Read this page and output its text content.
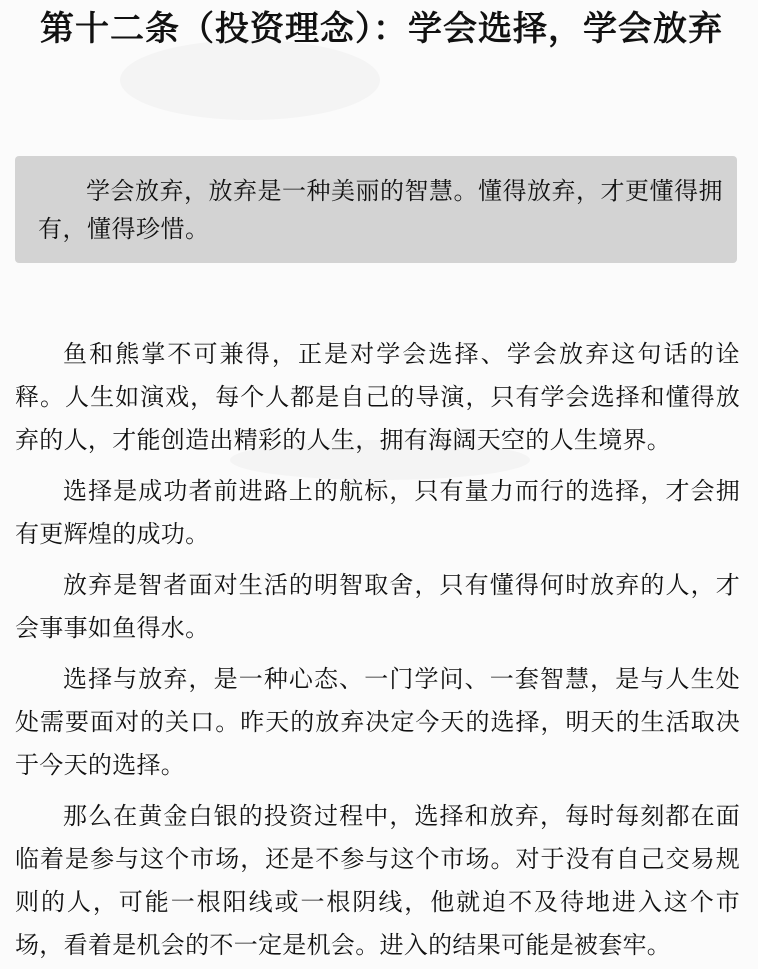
第十二条（投资理念）：学会选择，学会放弃
学会放弃，放弃是一种美丽的智慧。懂得放弃，才更懂得拥有，懂得珍惜。

鱼和熊掌不可兼得，正是对学会选择、学会放弃这句话的诠释。人生如演戏，每个人都是自己的导演，只有学会选择和懂得放弃的人，才能创造出精彩的人生，拥有海阔天空的人生境界。

选择是成功者前进路上的航标，只有量力而行的选择，才会拥有更辉煌的成功。

放弃是智者面对生活的明智取舍，只有懂得何时放弃的人，才会事事如鱼得水。

选择与放弃，是一种心态、一门学问、一套智慧，是与人生处处需要面对的关口。昨天的放弃决定今天的选择，明天的生活取决于今天的选择。

那么在黄金白银的投资过程中，选择和放弃，每时每刻都在面临着是参与这个市场，还是不参与这个市场。对于没有自己交易规则的人，可能一根阳线或一根阴线，他就迫不及待地进入这个市场，看着是机会的不一定是机会。进入的结果可能是被套牢。
